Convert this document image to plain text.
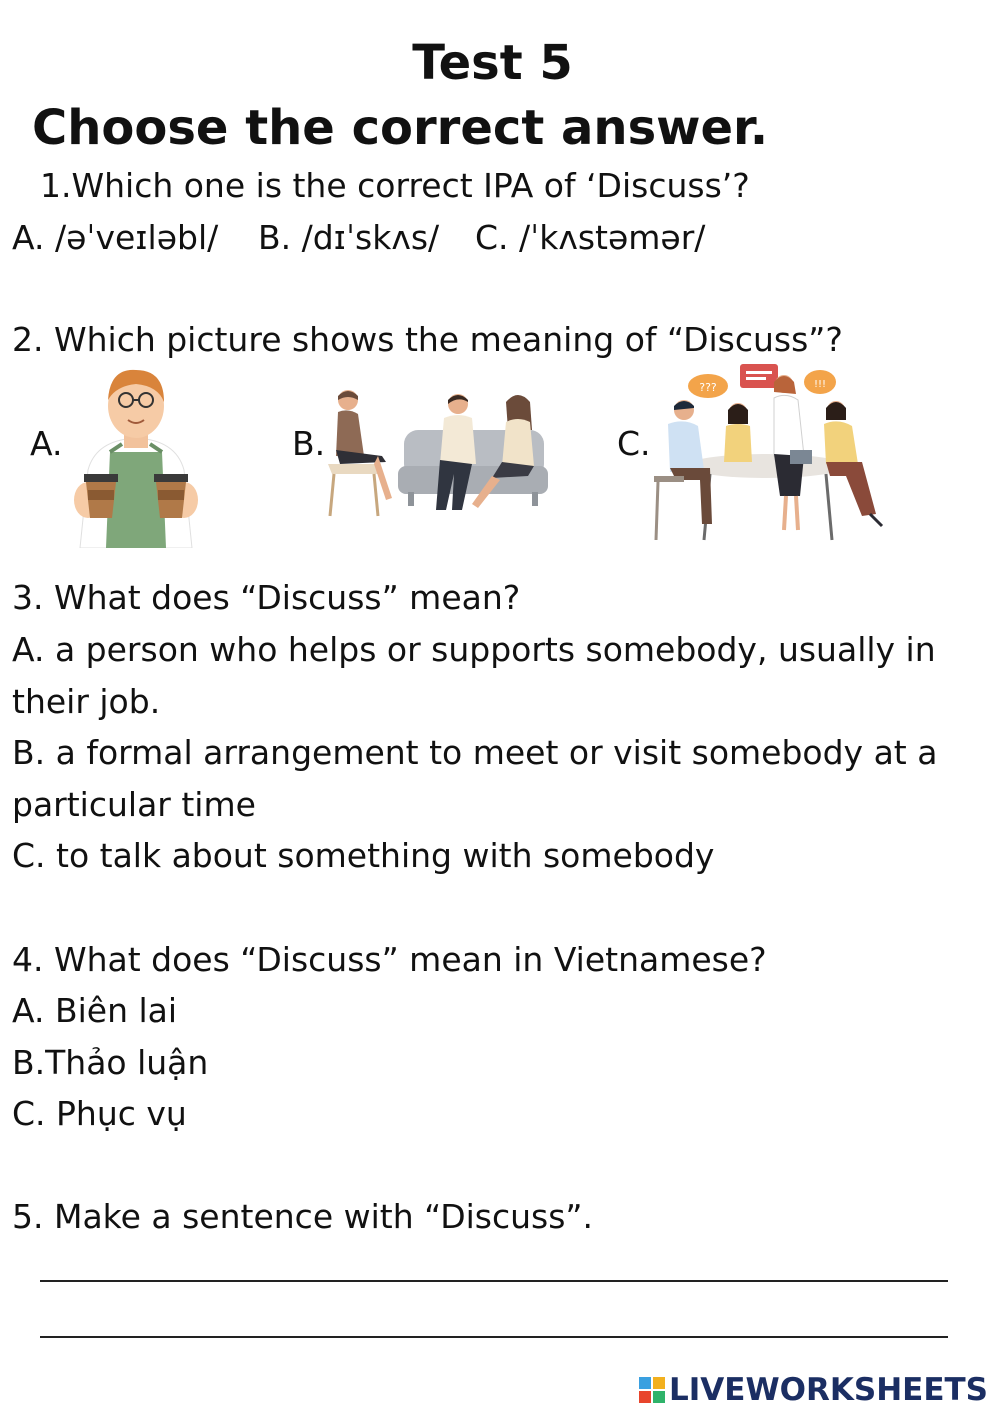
Test 5
Choose the correct answer.
1.Which one is the correct IPA of ‘Discuss’?
A. /əˈveɪləbl/ B. /dɪˈskʌs/ C. /ˈkʌstəmər/
2. Which picture shows the meaning of “Discuss”?
A.	B.	C.
???	!!!
3. What does “Discuss” mean?
A. a person who helps or supports somebody, usually in their job.
B. a formal arrangement to meet or visit somebody at a particular time
C. to talk about something with somebody
4. What does “Discuss” mean in Vietnamese?
A. Biên lai
B.Thảo luận
C. Phục vụ
5. Make a sentence with “Discuss”.
LIVEWORKSHEETS
